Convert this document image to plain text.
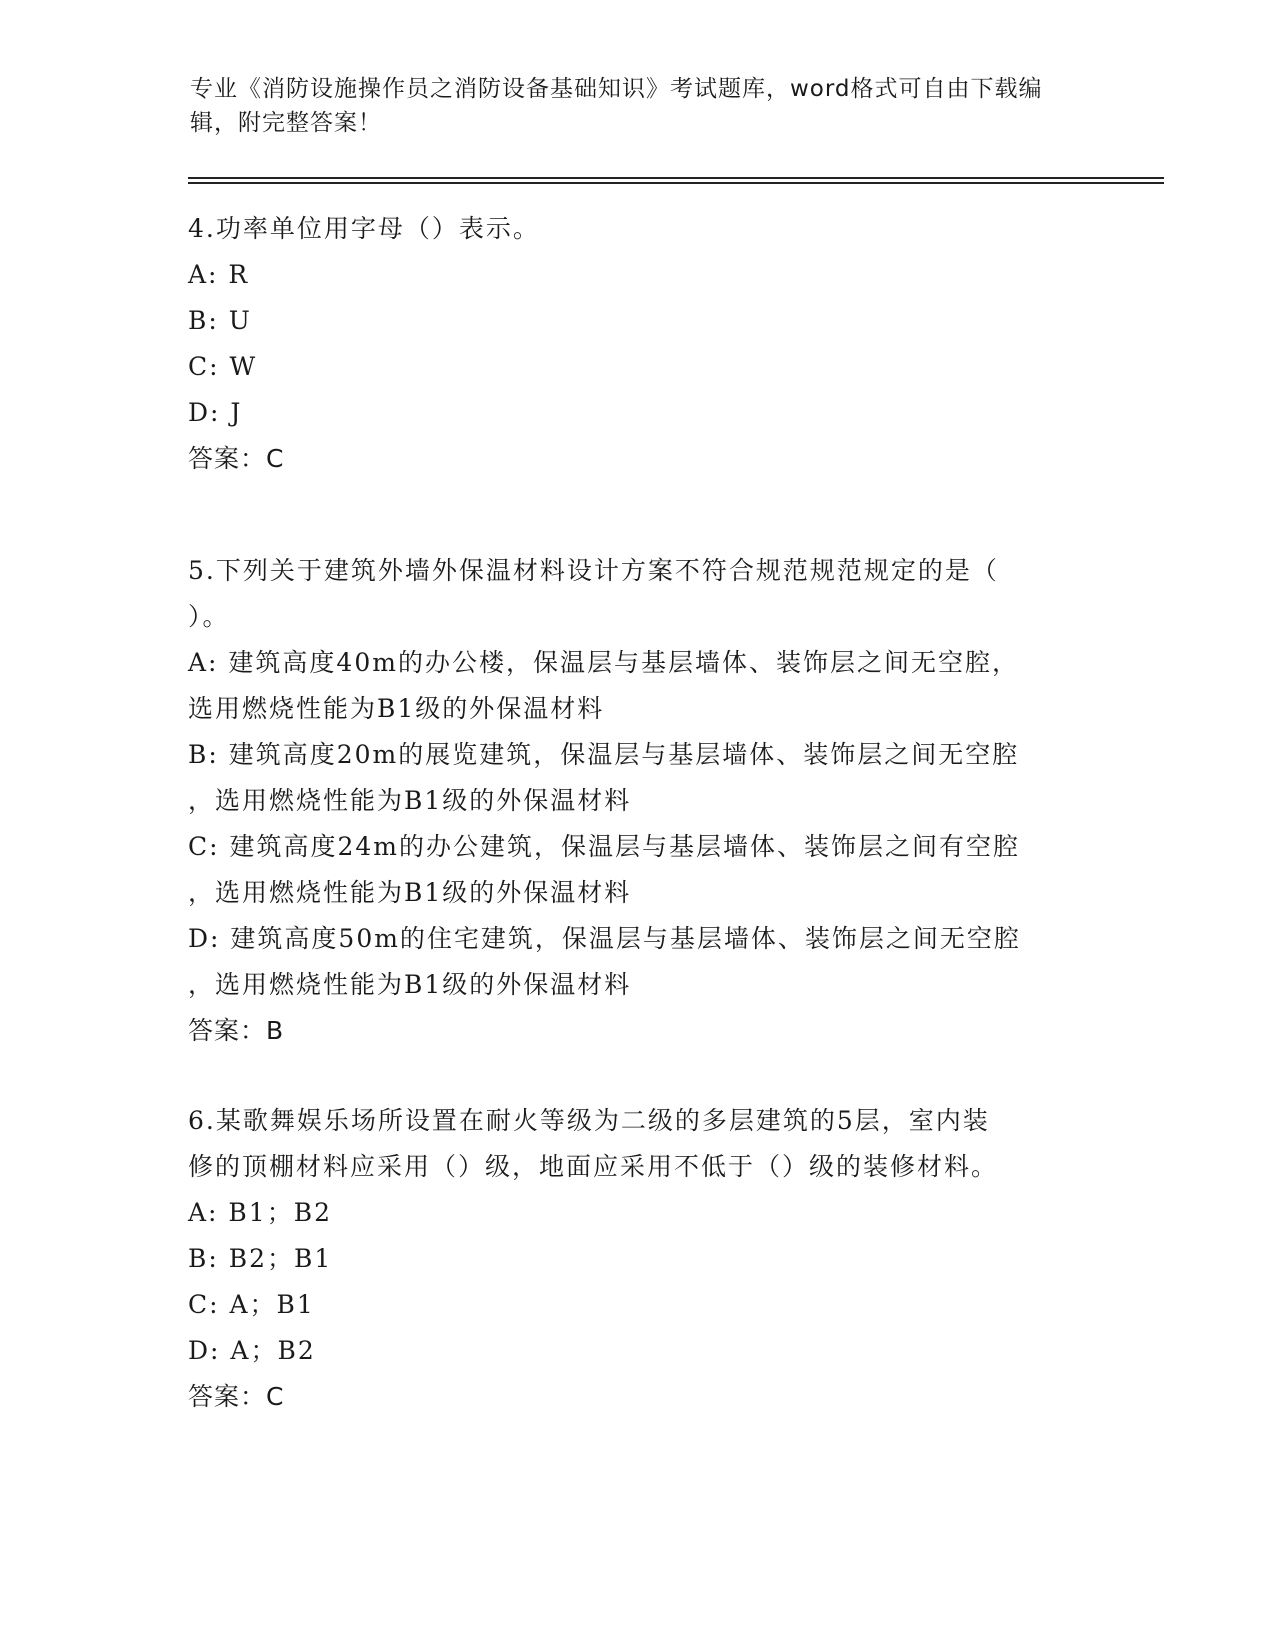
专业《消防设施操作员之消防设备基础知识》考试题库，word格式可自由下载编
辑，附完整答案！
4.功率单位用字母（）表示。
A: R
B: U
C: W
D: J
答案：C
5.下列关于建筑外墙外保温材料设计方案不符合规范规范规定的是（
）。
A: 建筑高度40m的办公楼，保温层与基层墙体、装饰层之间无空腔，
选用燃烧性能为B1级的外保温材料
B: 建筑高度20m的展览建筑，保温层与基层墙体、装饰层之间无空腔
，选用燃烧性能为B1级的外保温材料
C: 建筑高度24m的办公建筑，保温层与基层墙体、装饰层之间有空腔
，选用燃烧性能为B1级的外保温材料
D: 建筑高度50m的住宅建筑，保温层与基层墙体、装饰层之间无空腔
，选用燃烧性能为B1级的外保温材料
答案：B
6.某歌舞娱乐场所设置在耐火等级为二级的多层建筑的5层，室内装
修的顶棚材料应采用（）级，地面应采用不低于（）级的装修材料。
A: B1；B2
B: B2；B1
C: A；B1
D: A；B2
答案：C
